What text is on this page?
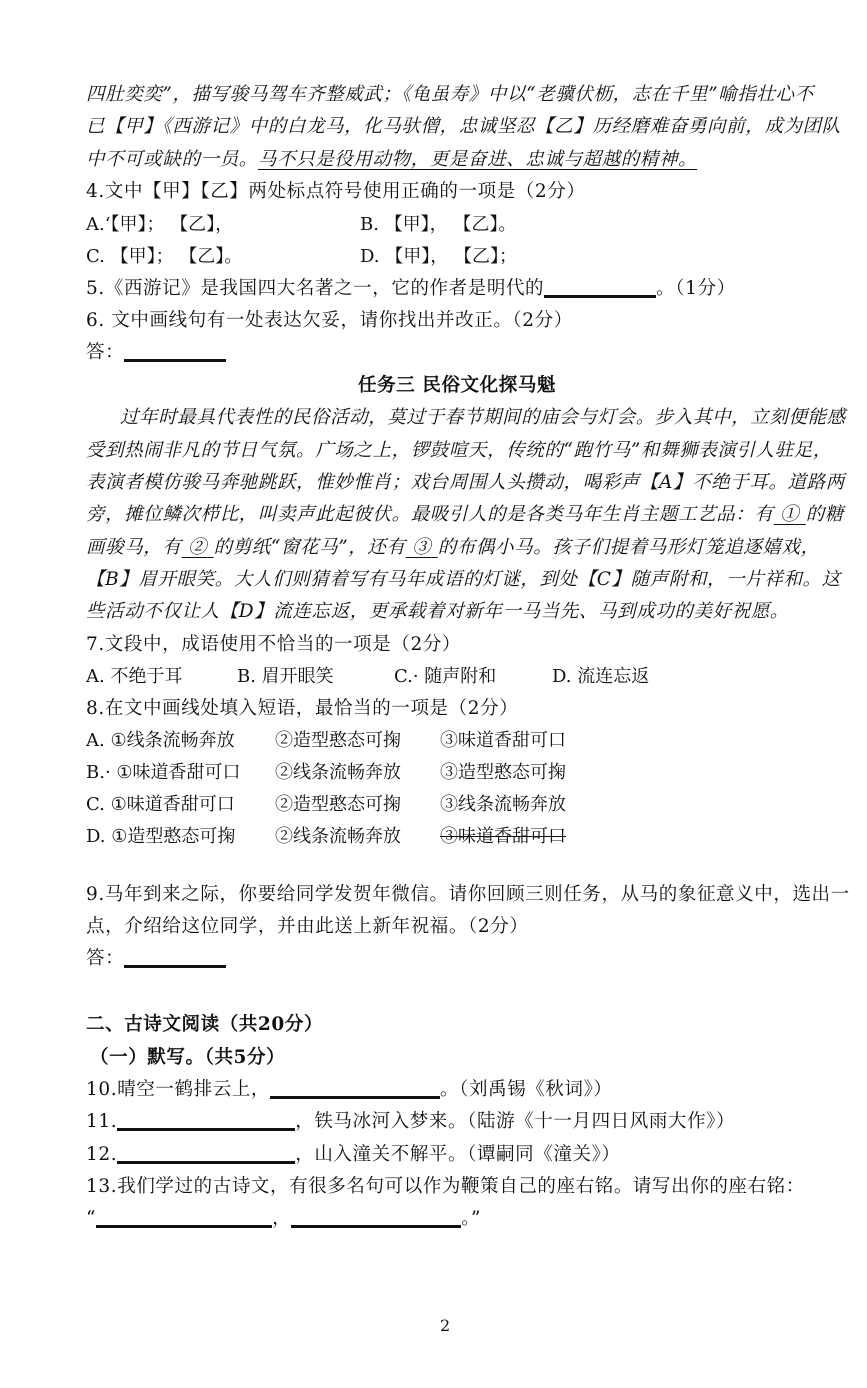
四肚奕奕”，描写骏马驾车齐整威武；《龟虽寿》中以“老骥伏枥，志在千里”喻指壮心不
已【甲】《西游记》中的白龙马，化马驮僧，忠诚坚忍【乙】历经磨难奋勇向前，成为团队
中不可或缺的一员。马不只是役用动物，更是奋进、忠诚与超越的精神。
4.文中【甲】【乙】两处标点符号使用正确的一项是（2分）
A.‘【甲】； 【乙】，	B. 【甲】， 【乙】。
C. 【甲】； 【乙】。	D. 【甲】， 【乙】；
5.《西游记》是我国四大名著之一，它的作者是明代的	。（1分）
6. 文中画线句有一处表达欠妥，请你找出并改正。（2分）
答：
任务三 民俗文化探马魁
过年时最具代表性的民俗活动，莫过于春节期间的庙会与灯会。步入其中，立刻便能感
受到热闹非凡的节日气氛。广场之上，锣鼓喧天，传统的“跑竹马”和舞狮表演引人驻足，
表演者模仿骏马奔驰跳跃，惟妙惟肖；戏台周围人头攒动，喝彩声【A】不绝于耳。道路两
旁，摊位鳞次栉比，叫卖声此起彼伏。最吸引人的是各类马年生肖主题工艺品：有 ① 的糖
画骏马，有 ② 的剪纸“窗花马”，还有 ③ 的布偶小马。孩子们提着马形灯笼追逐嬉戏，
【B】眉开眼笑。大人们则猜着写有马年成语的灯谜，到处【C】随声附和，一片祥和。这
些活动不仅让人【D】流连忘返，更承载着对新年一马当先、马到成功的美好祝愿。
7.文段中，成语使用不恰当的一项是（2分）
A. 不绝于耳	B. 眉开眼笑	C.· 随声附和	D. 流连忘返
8.在文中画线处填入短语，最恰当的一项是（2分）
A. ①线条流畅奔放 ②造型憨态可掬 ③味道香甜可口
B.· ①味道香甜可口 ②线条流畅奔放 ③造型憨态可掬
C. ①味道香甜可口 ②造型憨态可掬 ③线条流畅奔放
D. ①造型憨态可掬 ②线条流畅奔放 ③味道香甜可口
9.马年到来之际，你要给同学发贺年微信。请你回顾三则任务，从马的象征意义中，选出一
点，介绍给这位同学，并由此送上新年祝福。（2分）
答：
二、古诗文阅读（共20分）
（一）默写。（共5分）
10.晴空一鹤排云上，	。（刘禹锡《秋词》）
11.	，铁马冰河入梦来。（陆游《十一月四日风雨大作》）
12.	，山入潼关不解平。（谭嗣同《潼关》）
13.我们学过的古诗文，有很多名句可以作为鞭策自己的座右铭。请写出你的座右铭：
“	，	。”
2
